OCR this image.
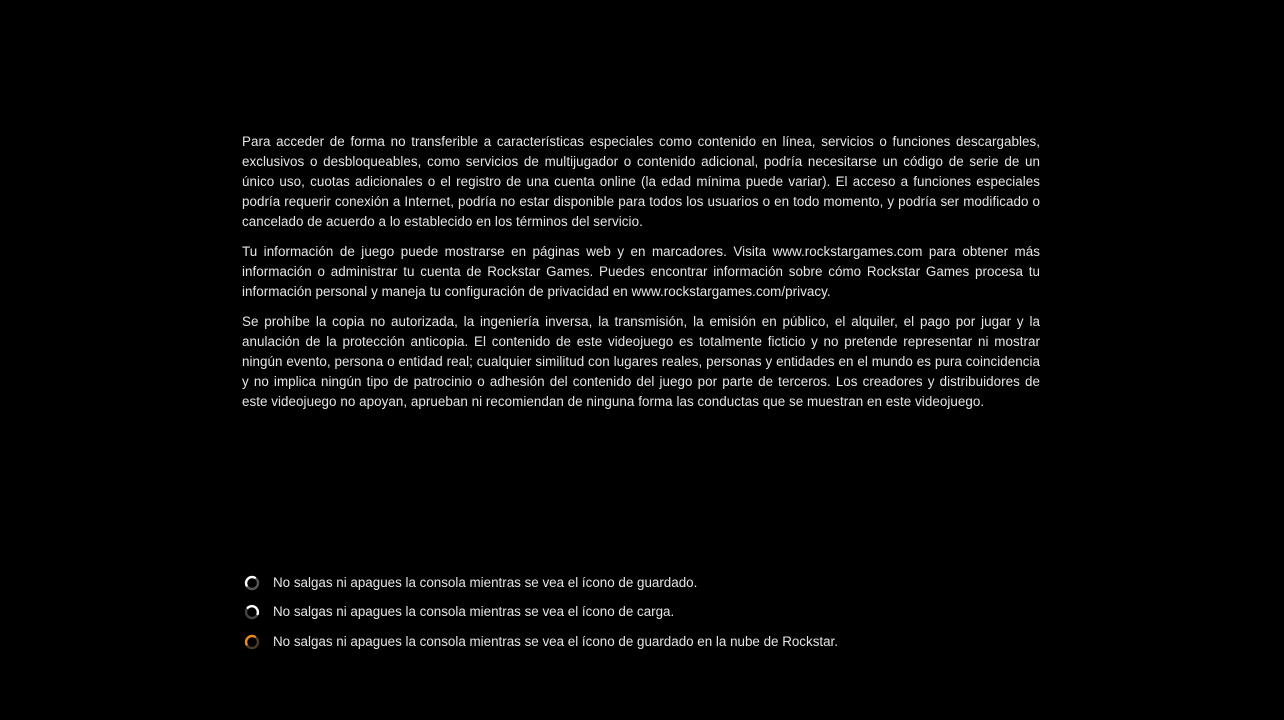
Para acceder de forma no transferible a características especiales como contenido en línea, servicios o funciones descargables, exclusivos o desbloqueables, como servicios de multijugador o contenido adicional, podría necesitarse un código de serie de un único uso, cuotas adicionales o el registro de una cuenta online (la edad mínima puede variar). El acceso a funciones especiales podría requerir conexión a Internet, podría no estar disponible para todos los usuarios o en todo momento, y podría ser modificado o cancelado de acuerdo a lo establecido en los términos del servicio.

Tu información de juego puede mostrarse en páginas web y en marcadores. Visita www.rockstargames.com para obtener más información o administrar tu cuenta de Rockstar Games. Puedes encontrar información sobre cómo Rockstar Games procesa tu información personal y maneja tu configuración de privacidad en www.rockstargames.com/privacy.

Se prohíbe la copia no autorizada, la ingeniería inversa, la transmisión, la emisión en público, el alquiler, el pago por jugar y la anulación de la protección anticopia. El contenido de este videojuego es totalmente ficticio y no pretende representar ni mostrar ningún evento, persona o entidad real; cualquier similitud con lugares reales, personas y entidades en el mundo es pura coincidencia y no implica ningún tipo de patrocinio o adhesión del contenido del juego por parte de terceros. Los creadores y distribuidores de este videojuego no apoyan, aprueban ni recomiendan de ninguna forma las conductas que se muestran en este videojuego.

No salgas ni apagues la consola mientras se vea el ícono de guardado.
No salgas ni apagues la consola mientras se vea el ícono de carga.
No salgas ni apagues la consola mientras se vea el ícono de guardado en la nube de Rockstar.
